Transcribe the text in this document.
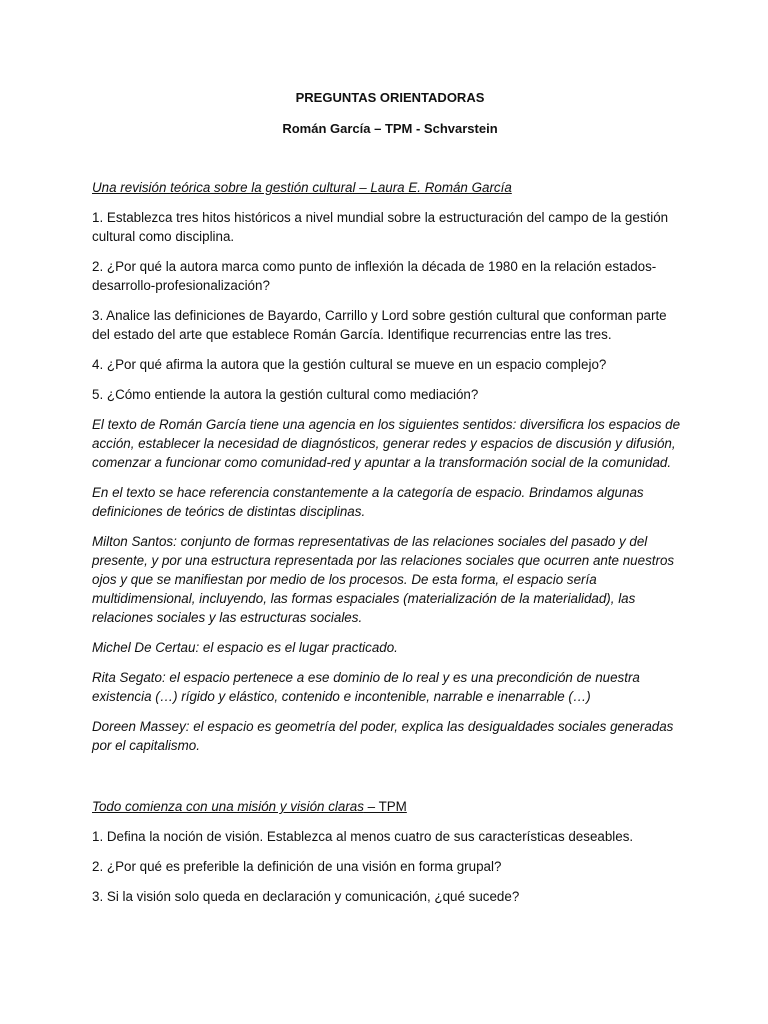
PREGUNTAS ORIENTADORAS

Román García – TPM - Schvarstein

Una revisión teórica sobre la gestión cultural – Laura E. Román García

1. Establezca tres hitos históricos a nivel mundial sobre la estructuración del campo de la gestión cultural como disciplina.

2. ¿Por qué la autora marca como punto de inflexión la década de 1980 en la relación estados-desarrollo-profesionalización?

3. Analice las definiciones de Bayardo, Carrillo y Lord sobre gestión cultural que conforman parte del estado del arte que establece Román García. Identifique recurrencias entre las tres.

4. ¿Por qué afirma la autora que la gestión cultural se mueve en un espacio complejo?

5. ¿Cómo entiende la autora la gestión cultural como mediación?

El texto de Román García tiene una agencia en los siguientes sentidos: diversificra los espacios de acción, establecer la necesidad de diagnósticos, generar redes y espacios de discusión y difusión, comenzar a funcionar como comunidad-red y apuntar a la transformación social de la comunidad.

En el texto se hace referencia constantemente a la categoría de espacio. Brindamos algunas definiciones de teórics de distintas disciplinas.

Milton Santos: conjunto de formas representativas de las relaciones sociales del pasado y del presente, y por una estructura representada por las relaciones sociales que ocurren ante nuestros ojos y que se manifiestan por medio de los procesos. De esta forma, el espacio sería multidimensional, incluyendo, las formas espaciales (materialización de la materialidad), las relaciones sociales y las estructuras sociales.

Michel De Certau: el espacio es el lugar practicado.

Rita Segato: el espacio pertenece a ese dominio de lo real y es una precondición de nuestra existencia (…) rígido y elástico, contenido e incontenible, narrable e inenarrable (…)

Doreen Massey: el espacio es geometría del poder, explica las desigualdades sociales generadas por el capitalismo.

Todo comienza con una misión y visión claras – TPM

1. Defina la noción de visión. Establezca al menos cuatro de sus características deseables.

2. ¿Por qué es preferible la definición de una visión en forma grupal?

3. Si la visión solo queda en declaración y comunicación, ¿qué sucede?
